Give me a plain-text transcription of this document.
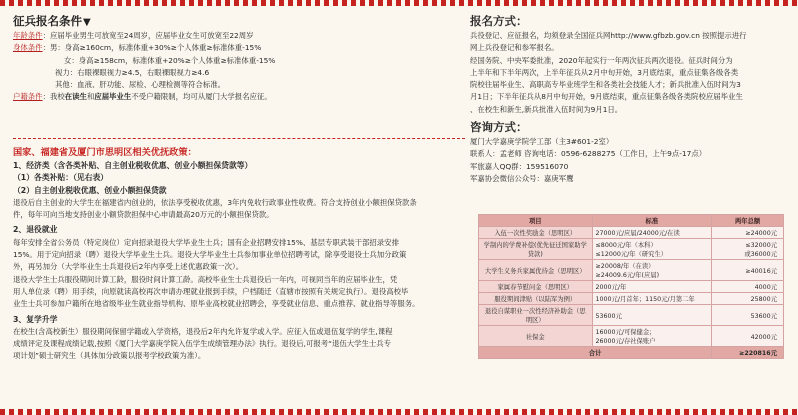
征兵报名条件▼
年龄条件：应届毕业男生可放宽至24周岁，应届毕业女生可放宽至22周岁
身体条件：男：身高≥160cm，标准体重+30%≥个人体重≥标准体重-15%
女：身高≥158cm，标准体重+20%≥个人体重≥标准体重-15%
视力：右眼裸眼视力≥4.5，右眼裸眼视力≥4.6
其他：血液、肝功能、尿检、心理检测等符合标准。
户籍条件：我校在读生和应届毕业生不受户籍限制，均可从厦门大学报名应征。
国家、福建省及厦门市思明区相关优抚政策：
1、经济类（含各类补贴、自主创业税收优惠、创业小额担保贷款等）
（1）各类补贴：（见右表）
（2）自主创业税收优惠、创业小额担保贷款
退役后自主创业的大学生在福建省内创业的，依法享受税收优惠，3年内免收行政事业性收费。符合支持创业小额担保贷款条
件，每年可向当地支持创业小额贷款担保中心申请最高20万元的小额担保贷款。
2、退役就业
每年安排全省公务员（特定岗位）定向招录退役大学毕业生士兵；国有企业招聘安排15%、基层专职武装干部招录安排
15%。用于定向招录（聘）退役大学毕业生士兵。退役大学毕业生士兵参加事业单位招聘考试，除享受退役士兵加分政策
外，再另加分（大学毕业生士兵退役后2年内享受上述优惠政策一次）。
退役大学生士兵服役期间计算工龄，服役时间计算工龄。高校毕业生士兵退役后一年内，可视同当年的应届毕业生，凭
用人单位录（聘）用手续，向原就读高校再次申请办理就业报到手续，户档随迁（直辖市按照有关规定执行）。退役高校毕
业生士兵可参加户籍所在地省级毕业生就业指导机构、原毕业高校就业招聘会，享受就业信息、重点推荐、就业指导等服务。
3、复学升学
在校生(含高校新生）服役期间保留学籍或入学资格，退役后2年内允许复学或入学。应征入伍或退伍复学的学生,课程
成绩评定及课程成绩记载,按照《厦门大学嘉庚学院入伍学生成绩管理办法》执行。退役后,可报考“退伍大学生士兵专
项计划”硕士研究生（具体加分政策以报考学校政策为准）。
报名方式：
兵役登记、应征报名，均须登录全国征兵网http://www.gfbzb.gov.cn 按照提示进行
网上兵役登记和参军报名。
经国务院、中央军委批准，2020年起实行一年两次征兵两次退役。征兵时间分为
上半年和下半年两次，上半年征兵从2月中旬开始，3月底结束，重点征集各级各类
院校往届毕业生、高职高专毕业班学生和各类社会技能人才；新兵批准入伍时间为3
月1日；下半年征兵从8月中旬开始，9月底结束，重点征集各级各类院校应届毕业生
、在校生和新生,新兵批准入伍时间为9月1日。
咨询方式：
厦门大学嘉庚学院学工部（主3#601-2室）
联系人：孟老师 咨询电话：0596-6288275（工作日，上午9点-17点）
军旅嘉人QQ群：159516070
军嘉协会微信公众号：嘉庚军鹰
项目	标准	两年总额
入伍一次性奖励金（思明区）	27000元/应届/24000元/在读	≥24000元
学制内的学费补偿(优先征迁国家助学贷款)	≤8000元/年（本科）
≤12000元/年（研究生）	≤32000元
或36000元
大学生义务兵家属优待金（思明区）	≥20008/年（在读）
≥24009.6元/年(应届)	≥40016元
家属春节慰问金（思明区）	2000元/年	4000元
服役期间津贴（以陆军为例）	1000元/月首年；1150元/月第二年	25800元
退役自谋职业一次性经济补助金（思明区）	53600元	53600元
社保金	16000元/可保健金；
26000元/存社保账户	42000元
合计		≥220816元
